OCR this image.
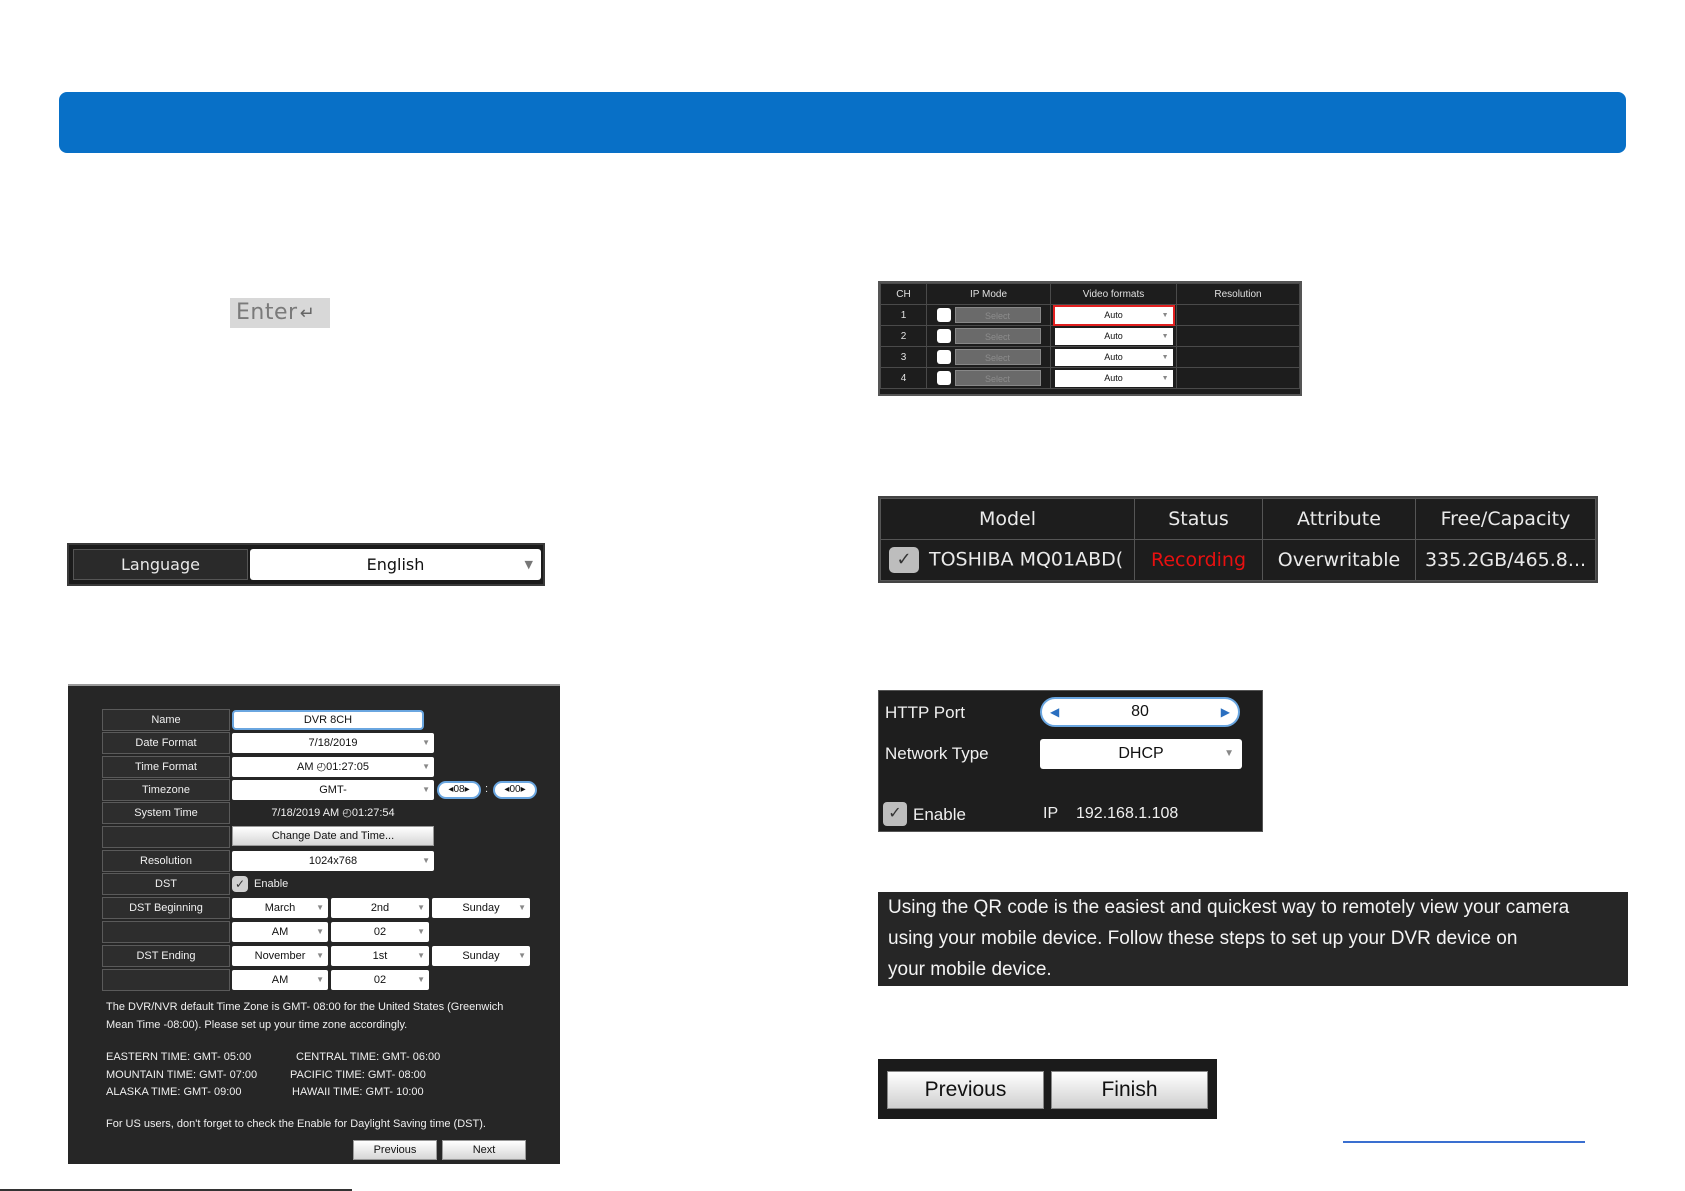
Enter ↵
Language	English	▼
Name	DVR 8CH
Date Format	7/18/2019	▼
Time Format	AM ◴01:27:05	▼
Timezone	GMT-	▼	◂08▸	:	◂00▸
System Time	7/18/2019 AM ◴01:27:54
Change Date and Time...
Resolution	1024x768	▼
DST	✓ Enable
DST Beginning	March	▼	2nd	▼	Sunday ▼
AM	▼	02	▼
DST Ending	November ▼	1st	▼	Sunday ▼
AM	▼	02	▼
The DVR/NVR default Time Zone is GMT- 08:00 for the United States (Greenwich
Mean Time -08:00). Please set up your time zone accordingly.
EASTERN TIME: GMT- 05:00	CENTRAL TIME: GMT- 06:00
MOUNTAIN TIME: GMT- 07:00	PACIFIC TIME: GMT- 08:00
ALASKA TIME: GMT- 09:00	HAWAII TIME: GMT- 10:00
For US users, don't forget to check the Enable for Daylight Saving time (DST).
Previous	Next
CH	IP Mode	Video formats	Resolution
1	Select	Auto ▼	

2	Select	Auto ▼	

3	Select	Auto ▼	

4	Select	Auto ▼	

Model	Status	Attribute	Free/Capacity
✓ TOSHIBA MQ01ABD(	Recording	Overwritable	335.2GB/465.8...
HTTP Port	◀	80	▶
Network Type	DHCP	▼
✓ Enable	IP 192.168.1.108
Using the QR code is the easiest and quickest way to remotely view your camera
using your mobile device. Follow these steps to set up your DVR device on
your mobile device.
Previous	Finish
